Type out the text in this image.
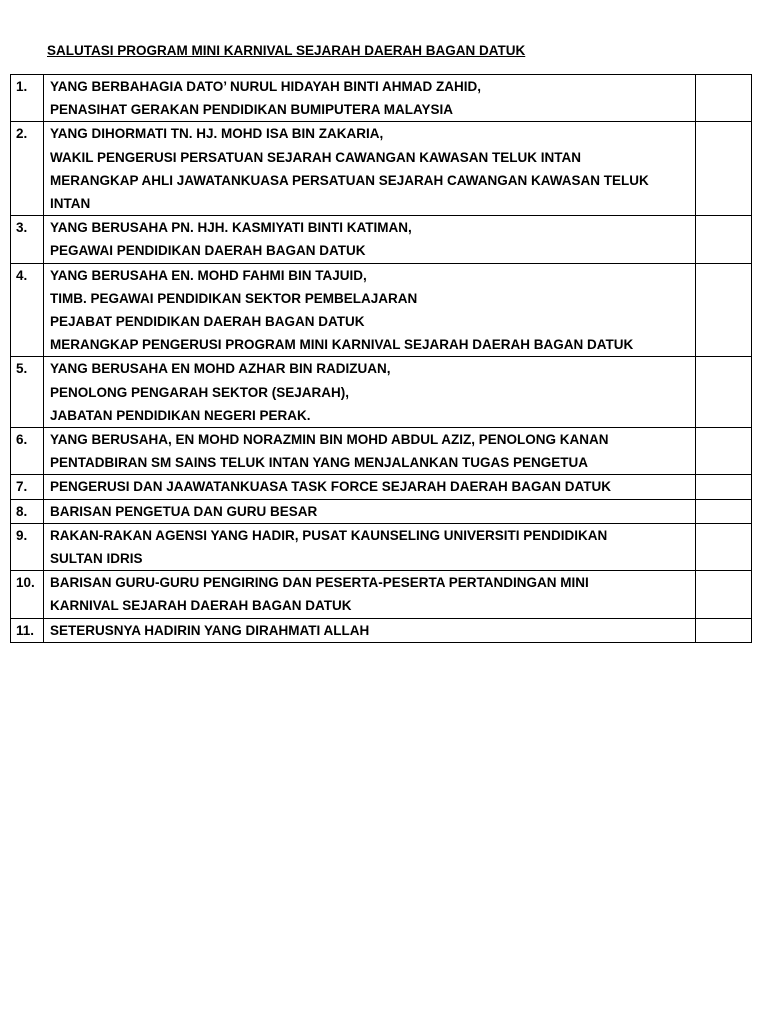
SALUTASI PROGRAM MINI KARNIVAL SEJARAH DAERAH BAGAN DATUK
1.	YANG BERBAHAGIA DATO’ NURUL HIDAYAH BINTI AHMAD ZAHID,
PENASIHAT GERAKAN PENDIDIKAN BUMIPUTERA MALAYSIA	

2.	YANG DIHORMATI TN. HJ. MOHD ISA BIN ZAKARIA,
WAKIL PENGERUSI PERSATUAN SEJARAH CAWANGAN KAWASAN TELUK INTAN
MERANGKAP AHLI JAWATANKUASA PERSATUAN SEJARAH CAWANGAN KAWASAN TELUK
INTAN	

3.	YANG BERUSAHA PN. HJH. KASMIYATI BINTI KATIMAN,
PEGAWAI PENDIDIKAN DAERAH BAGAN DATUK	

4.	YANG BERUSAHA EN. MOHD FAHMI BIN TAJUID,
TIMB. PEGAWAI PENDIDIKAN SEKTOR PEMBELAJARAN
PEJABAT PENDIDIKAN DAERAH BAGAN DATUK
MERANGKAP PENGERUSI PROGRAM MINI KARNIVAL SEJARAH DAERAH BAGAN DATUK	

5.	YANG BERUSAHA EN MOHD AZHAR BIN RADIZUAN,
PENOLONG PENGARAH SEKTOR (SEJARAH),
JABATAN PENDIDIKAN NEGERI PERAK.	

6.	YANG BERUSAHA, EN MOHD NORAZMIN BIN MOHD ABDUL AZIZ, PENOLONG KANAN
PENTADBIRAN SM SAINS TELUK INTAN YANG MENJALANKAN TUGAS PENGETUA	

7.	PENGERUSI DAN JAAWATANKUASA TASK FORCE SEJARAH DAERAH BAGAN DATUK	

8.	BARISAN PENGETUA DAN GURU BESAR	

9.	RAKAN-RAKAN AGENSI YANG HADIR, PUSAT KAUNSELING UNIVERSITI PENDIDIKAN
SULTAN IDRIS	

10.	BARISAN GURU-GURU PENGIRING DAN PESERTA-PESERTA PERTANDINGAN MINI
KARNIVAL SEJARAH DAERAH BAGAN DATUK	

11.	SETERUSNYA HADIRIN YANG DIRAHMATI ALLAH	
